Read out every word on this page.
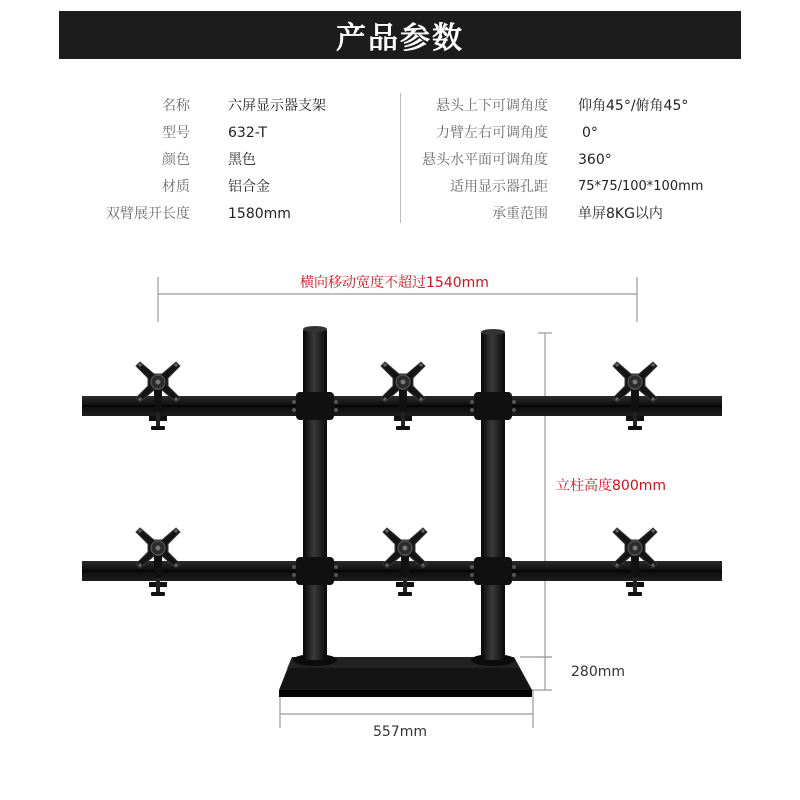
产品参数
名称	六屏显示器支架
型号	632-T
颜色	黑色
材质	铝合金
双臂展开长度	1580mm
悬头上下可调角度 仰角45°/俯角45°
力臂左右可调角度 0°
悬头水平面可调角度 360°
适用显示器孔距 75*75/100*100mm
承重范围 单屏8KG以内
横向移动宽度不超过1540mm
立柱高度800mm
280mm
557mm
